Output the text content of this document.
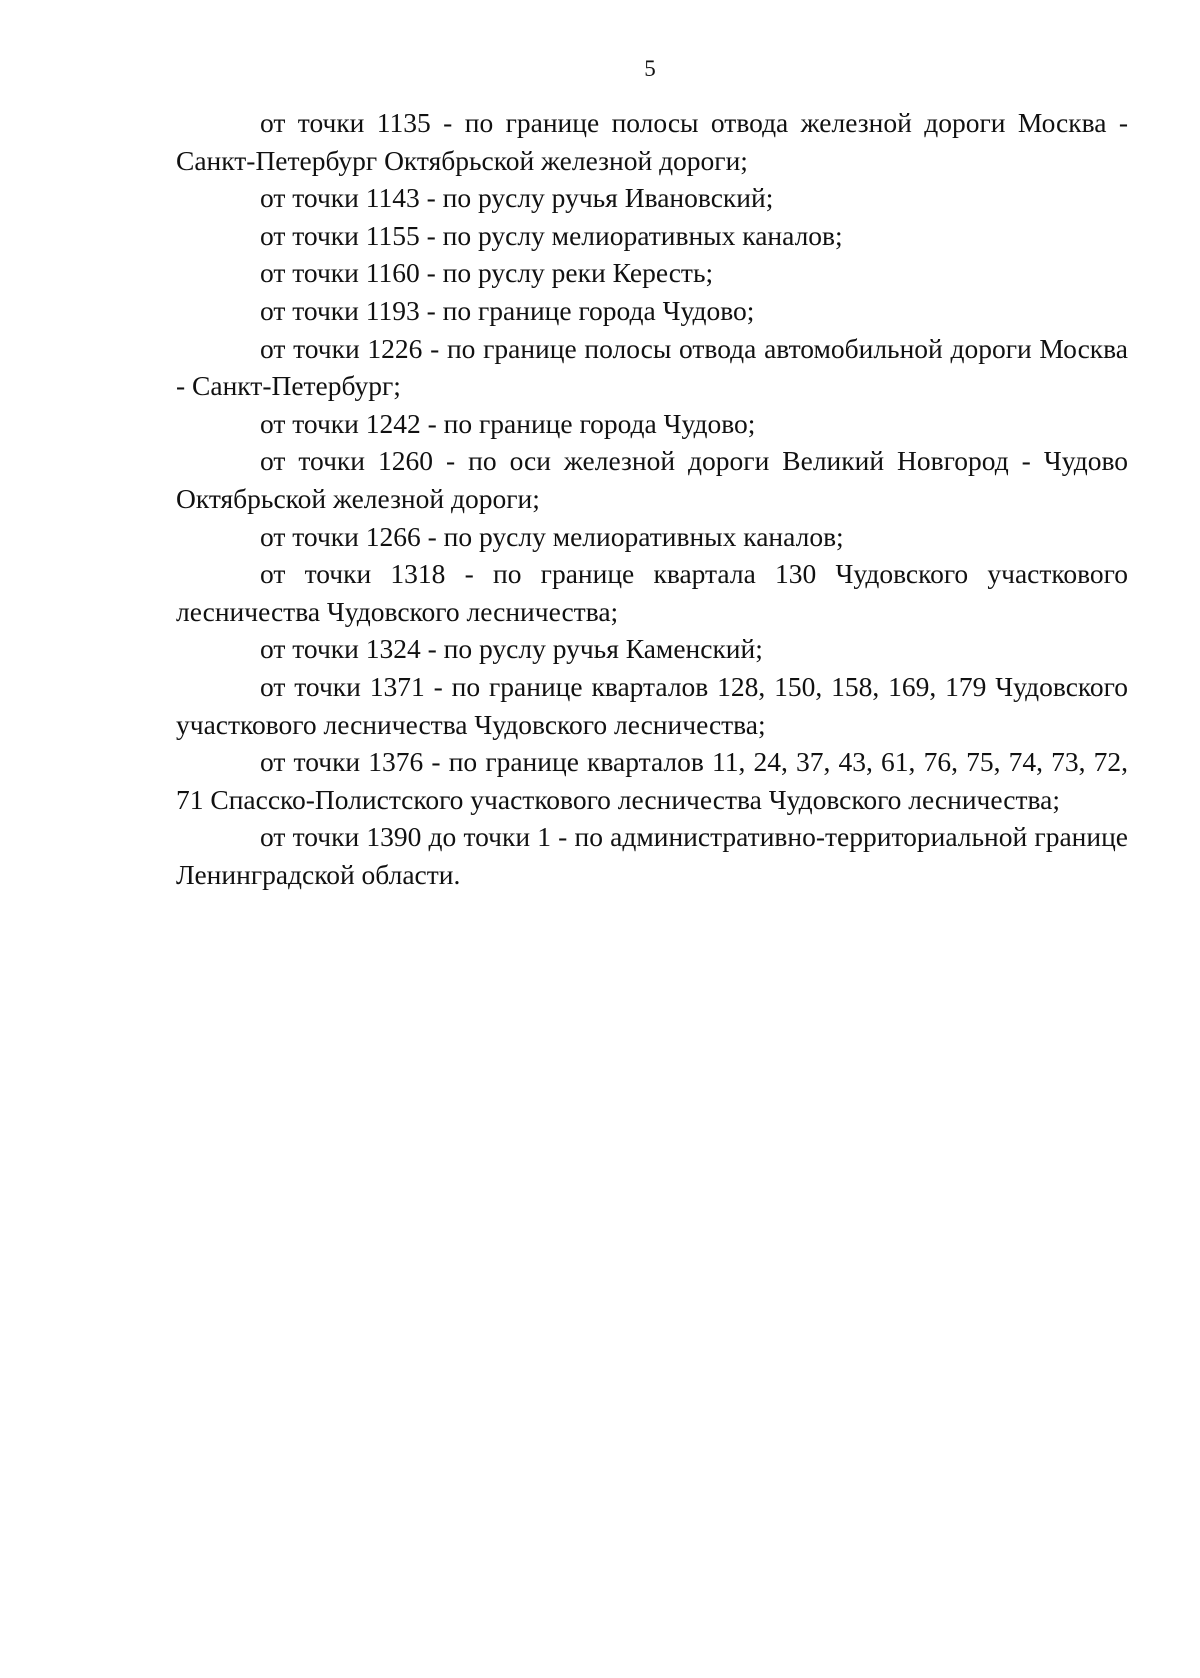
5

от точки 1135 - по границе полосы отвода железной дороги Москва - Санкт-Петербург Октябрьской железной дороги;

от точки 1143 - по руслу ручья Ивановский;

от точки 1155 - по руслу мелиоративных каналов;

от точки 1160 - по руслу реки Кересть;

от точки 1193 - по границе города Чудово;

от точки 1226 - по границе полосы отвода автомобильной дороги Москва - Санкт-Петербург;

от точки 1242 - по границе города Чудово;

от точки 1260 - по оси железной дороги Великий Новгород - Чудово Октябрьской железной дороги;

от точки 1266 - по руслу мелиоративных каналов;

от точки 1318 - по границе квартала 130 Чудовского участкового лесничества Чудовского лесничества;

от точки 1324 - по руслу ручья Каменский;

от точки 1371 - по границе кварталов 128, 150, 158, 169, 179 Чудовского участкового лесничества Чудовского лесничества;

от точки 1376 - по границе кварталов 11, 24, 37, 43, 61, 76, 75, 74, 73, 72, 71 Спасско-Полистского участкового лесничества Чудовского лесничества;

от точки 1390 до точки 1 - по административно-территориальной границе Ленинградской области.
